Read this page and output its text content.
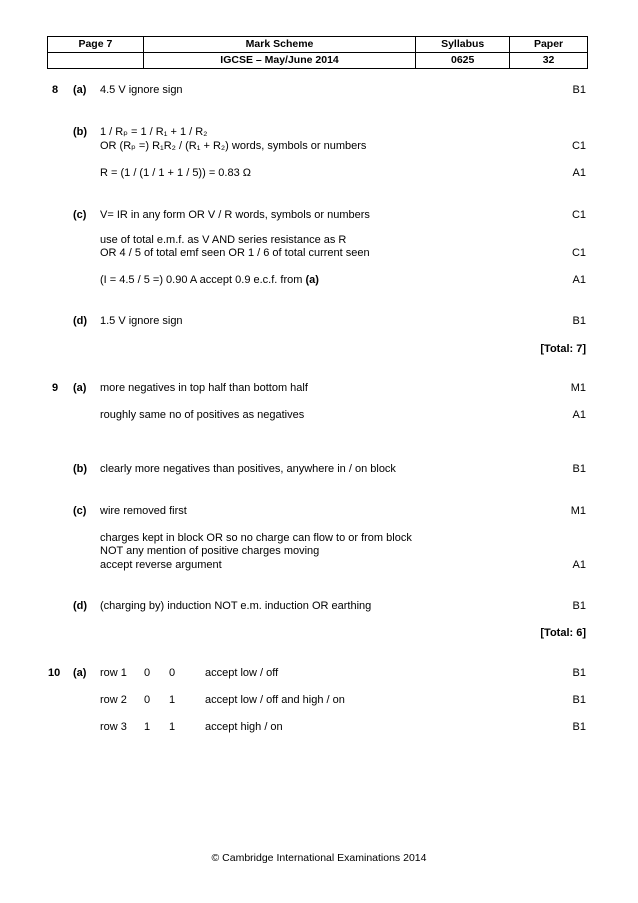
Page 7	Mark Scheme	Syllabus	Paper
	IGCSE – May/June 2014	0625	32
8 (a) 4.5 V ignore sign	B1
(b) 1 / Rₚ = 1 / R₁ + 1 / R₂
OR (Rₚ =) R₁R₂ / (R₁ + R₂) words, symbols or numbers	C1
R = (1 / (1 / 1 + 1 / 5)) = 0.83 Ω	A1
(c) V= IR in any form OR V / R words, symbols or numbers	C1
use of total e.m.f. as V AND series resistance as R
OR 4 / 5 of total emf seen OR 1 / 6 of total current seen	C1
(I = 4.5 / 5 =) 0.90 A accept 0.9 e.c.f. from (a)	A1
(d) 1.5 V ignore sign	B1
[Total: 7]
9 (a) more negatives in top half than bottom half	M1
roughly same no of positives as negatives	A1
(b) clearly more negatives than positives, anywhere in / on block	B1
(c) wire removed first	M1
charges kept in block OR so no charge can flow to or from block
NOT any mention of positive charges moving
accept reverse argument	A1
(d) (charging by) induction NOT e.m. induction OR earthing	B1
[Total: 6]
10 (a) row 1 0 0	accept low / off	B1
row 2 0 1	accept low / off and high / on	B1
row 3 1 1	accept high / on	B1
© Cambridge International Examinations 2014
